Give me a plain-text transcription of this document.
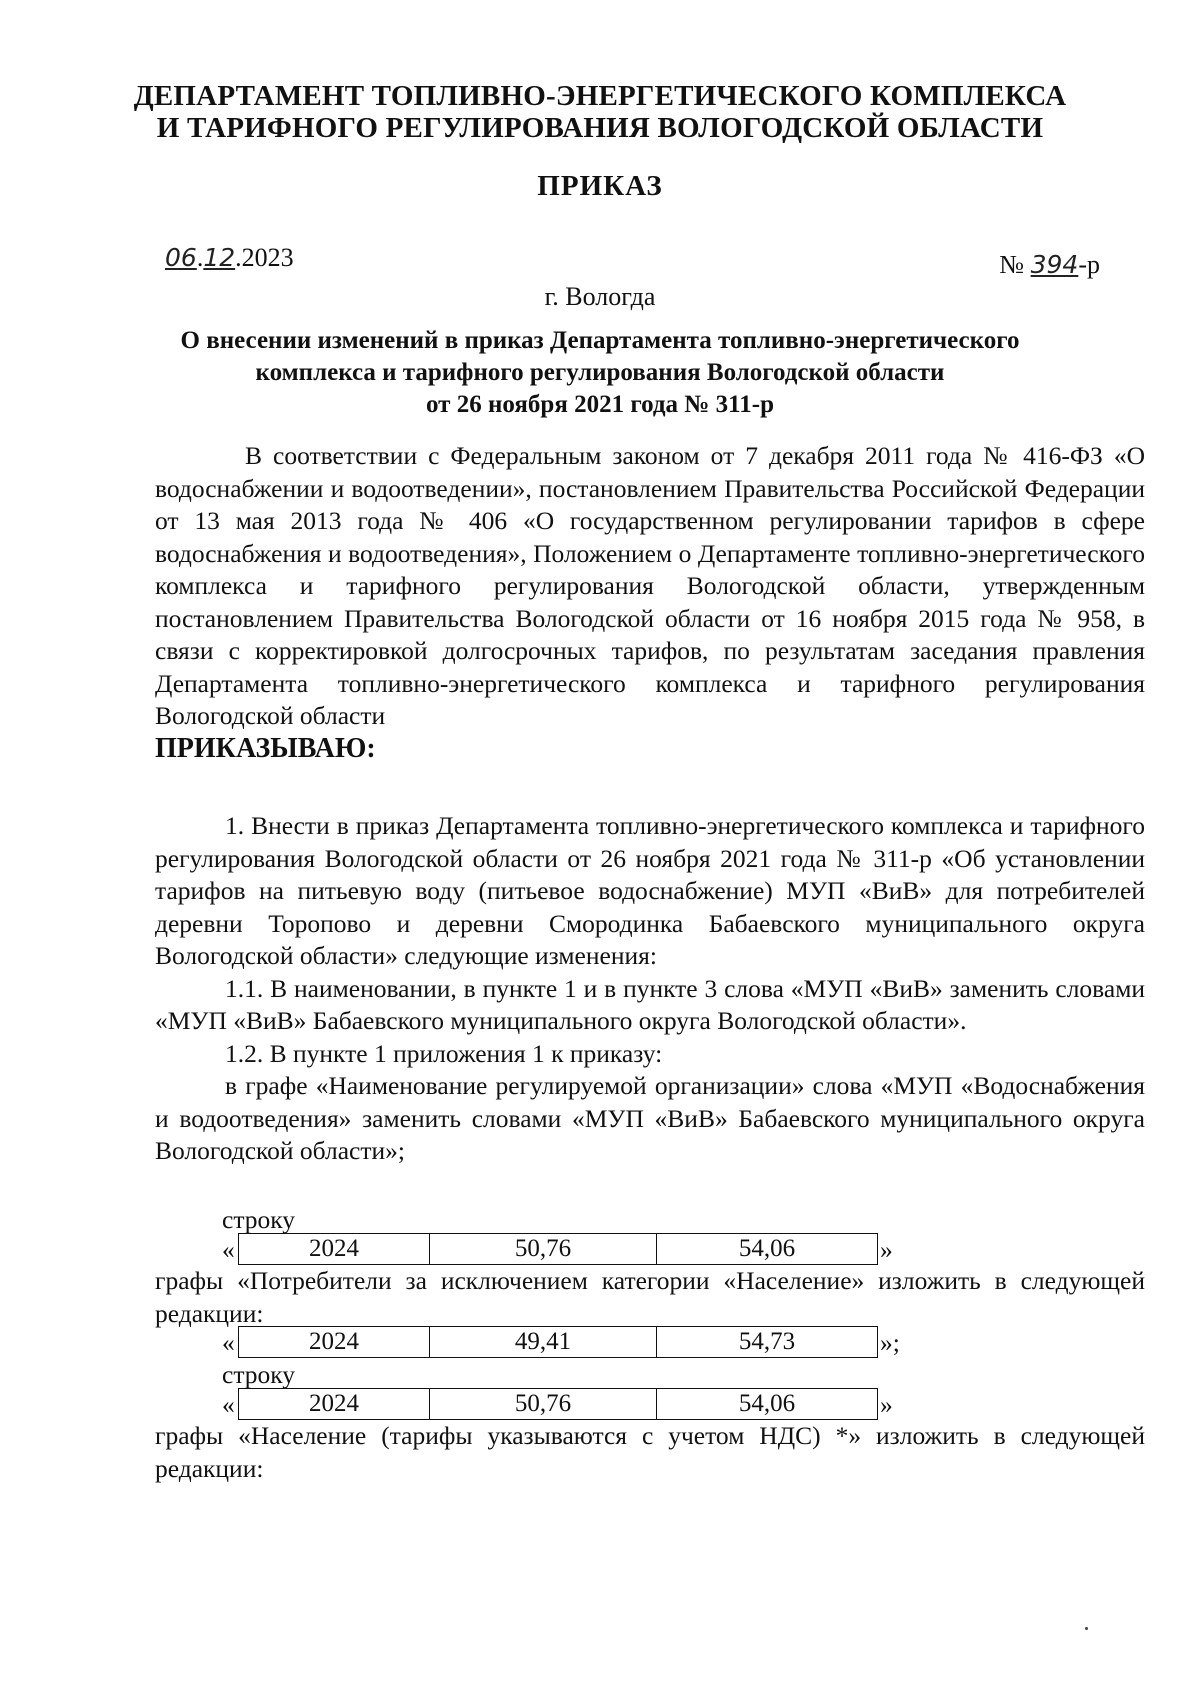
ДЕПАРТАМЕНТ ТОПЛИВНО-ЭНЕРГЕТИЧЕСКОГО КОМПЛЕКСА
И ТАРИФНОГО РЕГУЛИРОВАНИЯ ВОЛОГОДСКОЙ ОБЛАСТИ
ПРИКАЗ
06.12.2023	№ 394-р
г. Вологда
О внесении изменений в приказ Департамента топливно-энергетического
комплекса и тарифного регулирования Вологодской области
от 26 ноября 2021 года № 311-р

В соответствии с Федеральным законом от 7 декабря 2011 года № 416-ФЗ «О водоснабжении и водоотведении», постановлением Правительства Российской Федерации от 13 мая 2013 года № 406 «О государственном регулировании тарифов в сфере водоснабжения и водоотведения», Положением о Департаменте топливно-энергетического комплекса и тарифного регулирования Вологодской области, утвержденным постановлением Правительства Вологодской области от 16 ноября 2015 года № 958, в связи с корректировкой долгосрочных тарифов, по результатам заседания правления Департамента топливно-энергетического комплекса и тарифного регулирования Вологодской области

ПРИКАЗЫВАЮ:

1. Внести в приказ Департамента топливно-энергетического комплекса и тарифного регулирования Вологодской области от 26 ноября 2021 года № 311-р «Об установлении тарифов на питьевую воду (питьевое водоснабжение) МУП «ВиВ» для потребителей деревни Торопово и деревни Смородинка Бабаевского муниципального округа Вологодской области» следующие изменения:

1.1. В наименовании, в пункте 1 и в пункте 3 слова «МУП «ВиВ» заменить словами «МУП «ВиВ» Бабаевского муниципального округа Вологодской области».

1.2. В пункте 1 приложения 1 к приказу:

в графе «Наименование регулируемой организации» слова «МУП «Водоснабжения и водоотведения» заменить словами «МУП «ВиВ» Бабаевского муниципального округа Вологодской области»;

строку
«	2024	50,76	54,06	»

графы «Потребители за исключением категории «Население» изложить в следующей редакции:

«	2024	49,41	54,73	»;
строку
«	2024	50,76	54,06	»

графы «Население (тарифы указываются с учетом НДС) *» изложить в следующей редакции:
